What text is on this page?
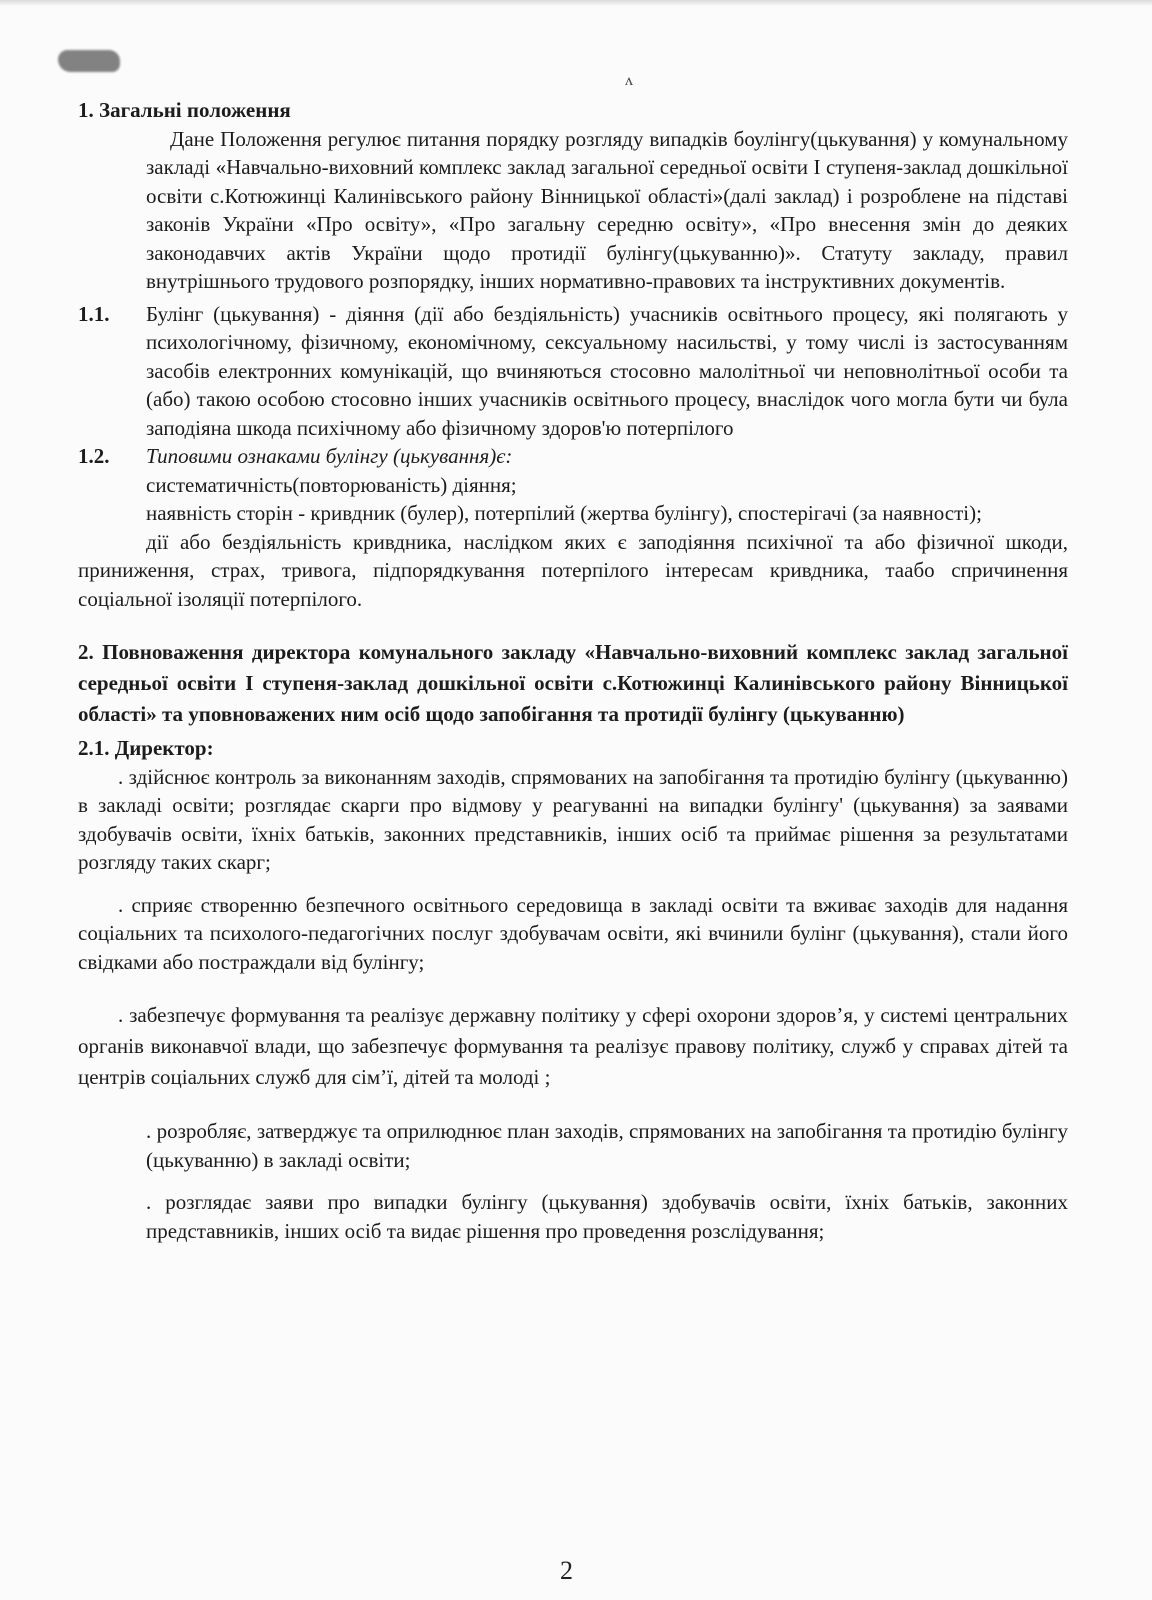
ʌ

1. Загальні положення

Дане Положення регулює питання порядку розгляду випадків боулінгу(цькування) у комунальному закладі «Навчально-виховний комплекс заклад загальної середньої освіти I ступеня-заклад дошкільної освіти с.Котюжинці Калинівського району Вінницької області»(далі заклад) і розроблене на підставі законів України «Про освіту», «Про загальну середню освіту», «Про внесення змін до деяких законодавчих актів України щодо протидії булінгу(цькуванню)». Статуту закладу, правил внутрішнього трудового розпорядку, інших нормативно-правових та інструктивних документів.

1.1.	Булінг (цькування) - діяння (дії або бездіяльність) учасників освітнього процесу, які полягають у психологічному, фізичному, економічному, сексуальному насильстві, у тому числі із застосуванням засобів електронних комунікацій, що вчиняються стосовно малолітньої чи неповнолітньої особи та (або) такою особою стосовно інших учасників освітнього процесу, внаслідок чого могла бути чи була заподіяна шкода психічному або фізичному здоров'ю потерпілого
1.2.	Типовими ознаками булінгу (цькування)є:

систематичність(повторюваність) діяння;

наявність сторін - кривдник (булер), потерпілий (жертва булінгу), спостерігачі (за наявності);

дії або бездіяльність кривдника, наслідком яких є заподіяння психічної та або фізичної шкоди, приниження, страх, тривога, підпорядкування потерпілого інтересам кривдника, таабо спричинення соціальної ізоляції потерпілого.

2. Повноваження директора комунального закладу «Навчально-виховний комплекс заклад загальної середньої освіти I ступеня-заклад дошкільної освіти с.Котюжинці Калинівського району Вінницької області» та уповноважених ним осіб щодо запобігання та протидії булінгу (цькуванню)

2.1. Директор:

. здійснює контроль за виконанням заходів, спрямованих на запобігання та протидію булінгу (цькуванню) в закладі освіти; розглядає скарги про відмову у реагуванні на випадки булінгу' (цькування) за заявами здобувачів освіти, їхніх батьків, законних представників, інших осіб та приймає рішення за результатами розгляду таких скарг;

. сприяє створенню безпечного освітнього середовища в закладі освіти та вживає заходів для надання соціальних та психолого-педагогічних послуг здобувачам освіти, які вчинили булінг (цькування), стали його свідками або постраждали від булінгу;

. забезпечує формування та реалізує державну політику у сфері охорони здоров’я, у системі центральних органів виконавчої влади, що забезпечує формування та реалізує правову політику, служб у справах дітей та центрів соціальних служб для сім’ї, дітей та молоді ;

. розробляє, затверджує та оприлюднює план заходів, спрямованих на запобігання та протидію булінгу (цькуванню) в закладі освіти;

. розглядає заяви про випадки булінгу (цькування) здобувачів освіти, їхніх батьків, законних представників, інших осіб та видає рішення про проведення розслідування;

2
